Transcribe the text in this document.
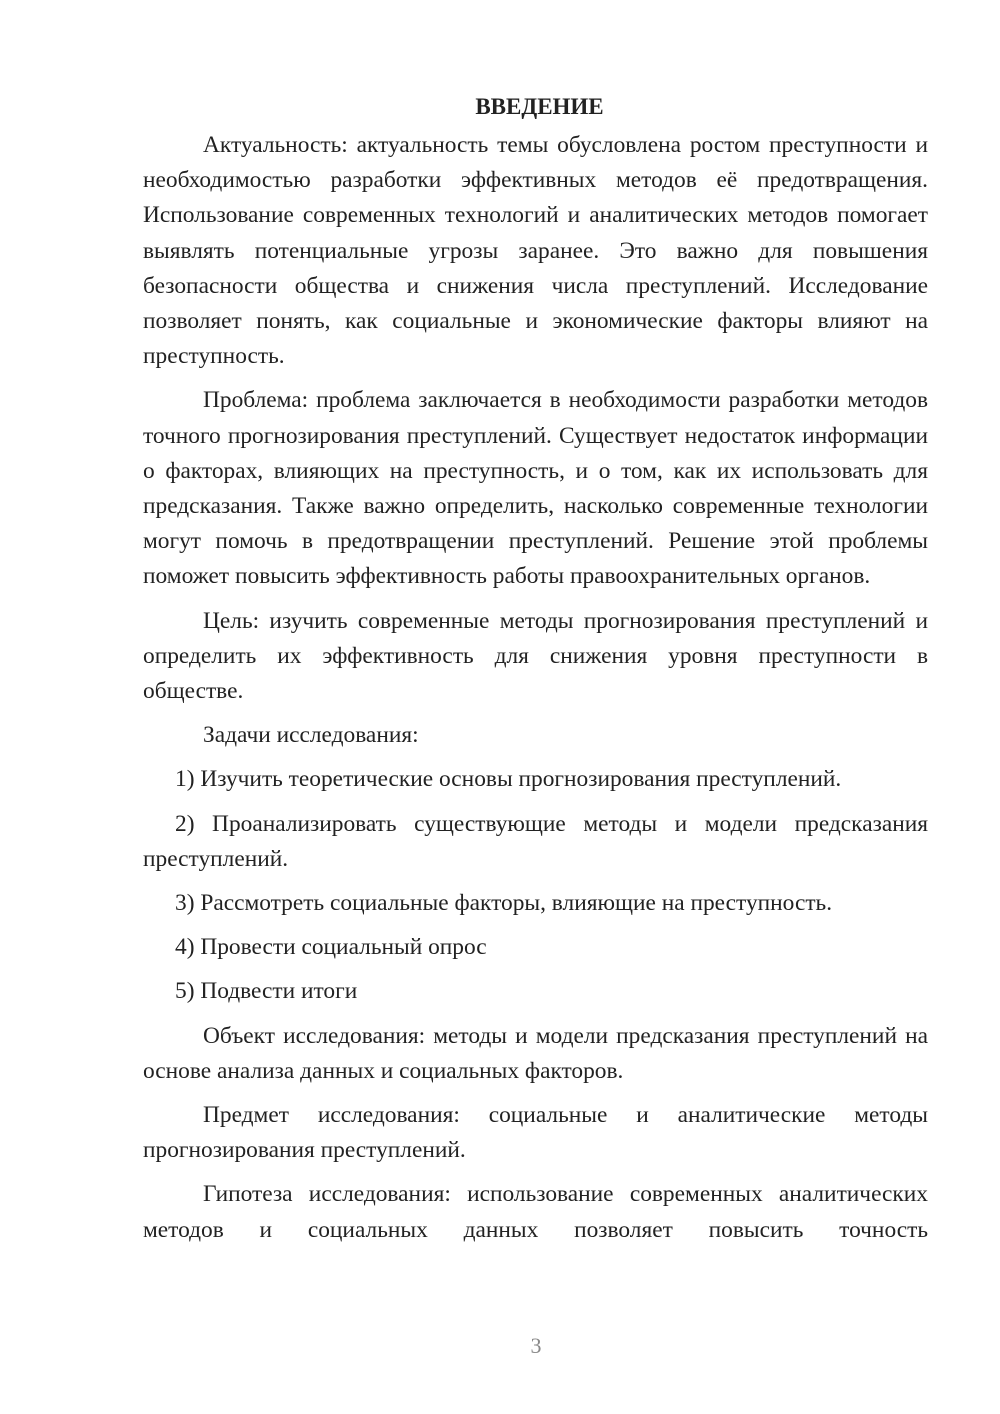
ВВЕДЕНИЕ

Актуальность: актуальность темы обусловлена ростом преступности и необходимостью разработки эффективных методов её предотвращения. Использование современных технологий и аналитических методов помогает выявлять потенциальные угрозы заранее. Это важно для повышения безопасности общества и снижения числа преступлений. Исследование позволяет понять, как социальные и экономические факторы влияют на преступность.

Проблема: проблема заключается в необходимости разработки методов точного прогнозирования преступлений. Существует недостаток информации о факторах, влияющих на преступность, и о том, как их использовать для предсказания. Также важно определить, насколько современные технологии могут помочь в предотвращении преступлений. Решение этой проблемы поможет повысить эффективность работы правоохранительных органов.

Цель: изучить современные методы прогнозирования преступлений и определить их эффективность для снижения уровня преступности в обществе.

Задачи исследования:

1) Изучить теоретические основы прогнозирования преступлений.

2) Проанализировать существующие методы и модели предсказания преступлений.

3) Рассмотреть социальные факторы, влияющие на преступность.

4) Провести социальный опрос

5) Подвести итоги

Объект исследования: методы и модели предсказания преступлений на основе анализа данных и социальных факторов.

Предмет исследования: социальные и аналитические методы прогнозирования преступлений.

Гипотеза исследования: использование современных аналитических методов и социальных данных позволяет повысить точность

3
